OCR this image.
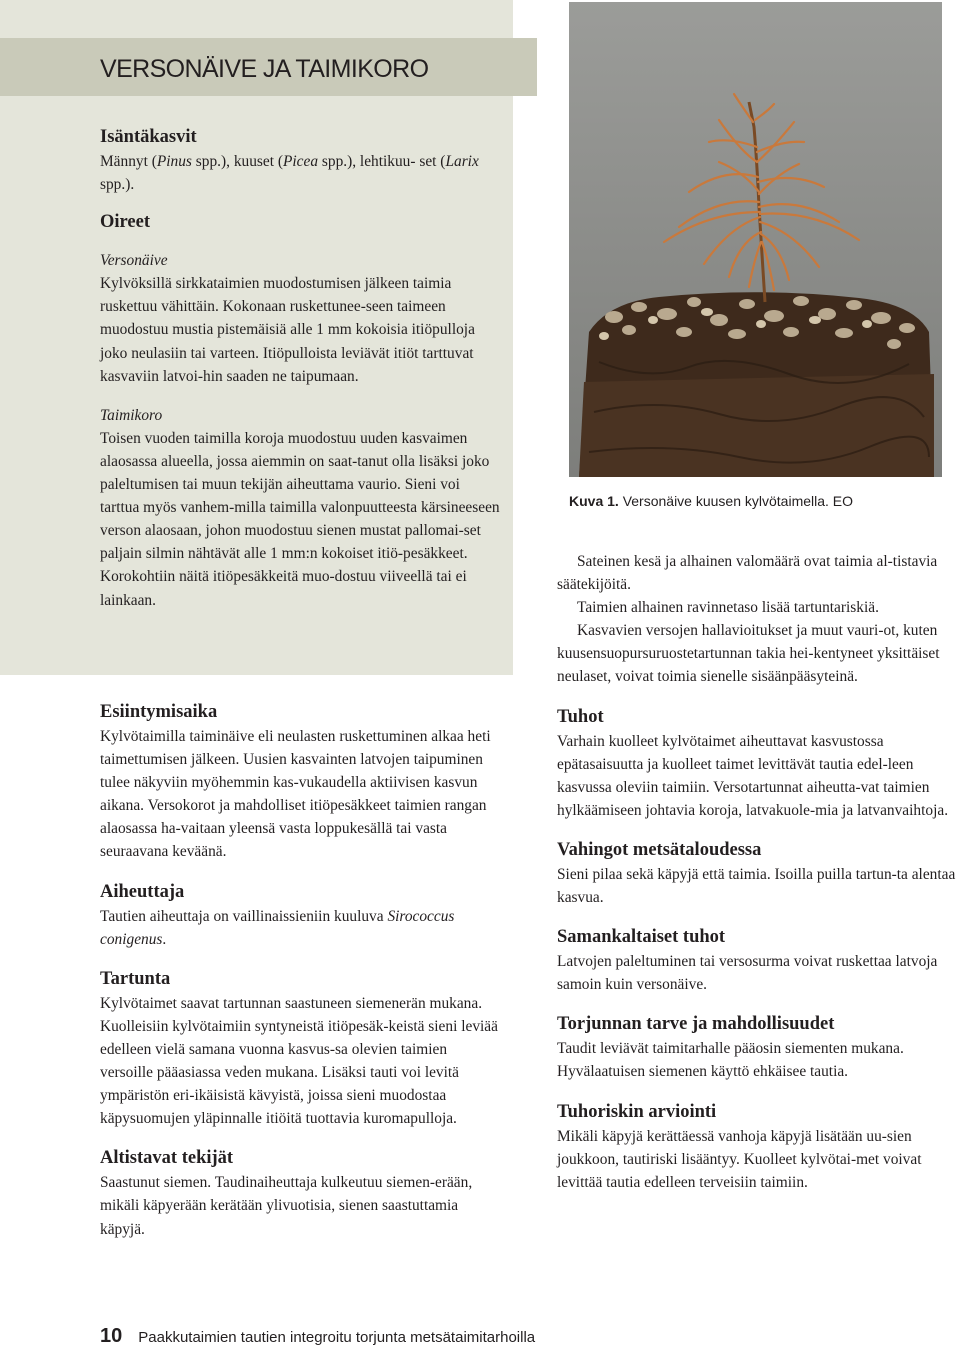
VERSONÄIVE JA TAIMIKORO
Isäntäkasvit

Männyt (Pinus spp.), kuuset (Picea spp.), lehtikuu- set (Larix spp.).

Oireet

Versonäive

Kylvöksillä sirkkataimien muodostumisen jälkeen taimia ruskettuu vähittäin. Kokonaan ruskettunee-seen taimeen muodostuu mustia pistemäisiä alle 1 mm kokoisia itiöpulloja joko neulasiin tai varteen. Itiöpulloista leviävät itiöt tarttuvat kasvaviin latvoi-hin saaden ne taipumaan.

Taimikoro

Toisen vuoden taimilla koroja muodostuu uuden kasvaimen alaosassa alueella, jossa aiemmin on saat-tanut olla lisäksi joko paleltumisen tai muun tekijän aiheuttama vaurio. Sieni voi tarttua myös vanhem-milla taimilla valonpuutteesta kärsineeseen verson alaosaan, johon muodostuu sienen mustat pallomai-set paljain silmin nähtävät alle 1 mm:n kokoiset itiö-pesäkkeet. Korokohtiin näitä itiöpesäkkeitä muo-dostuu viiveellä tai ei lainkaan.

Esiintymisaika

Kylvötaimilla taiminäive eli neulasten ruskettuminen alkaa heti taimettumisen jälkeen. Uusien kasvainten latvojen taipuminen tulee näkyviin myöhemmin kas-vukaudella aktiivisen kasvun aikana. Versokorot ja mahdolliset itiöpesäkkeet taimien rangan alaosassa ha-vaitaan yleensä vasta loppukesällä tai vasta seuraavana keväänä.

Aiheuttaja

Tautien aiheuttaja on vaillinaissieniin kuuluva Sirococcus conigenus.

Tartunta

Kylvötaimet saavat tartunnan saastuneen siemenerän mukana. Kuolleisiin kylvötaimiin syntyneistä itiöpesäk-keistä sieni leviää edelleen vielä samana vuonna kasvus-sa olevien taimien versoille pääasiassa veden mukana. Lisäksi tauti voi levitä ympäristön eri-ikäisistä kävyistä, joissa sieni muodostaa käpysuomujen yläpinnalle itiöitä tuottavia kuromapulloja.

Altistavat tekijät

Saastunut siemen. Taudinaiheuttaja kulkeutuu siemen-erään, mikäli käpyerään kerätään ylivuotisia, sienen saastuttamia käpyjä.

Kuva 1. Versonäive kuusen kylvötaimella. EO

Sateinen kesä ja alhainen valomäärä ovat taimia al-tistavia säätekijöitä.

Taimien alhainen ravinnetaso lisää tartuntariskiä.

Kasvavien versojen hallavioitukset ja muut vauri-ot, kuten kuusensuopursuruostetartunnan takia hei-kentyneet yksittäiset neulaset, voivat toimia sienelle sisäänpääsyteinä.

Tuhot

Varhain kuolleet kylvötaimet aiheuttavat kasvustossa epätasaisuutta ja kuolleet taimet levittävät tautia edel-leen kasvussa oleviin taimiin. Versotartunnat aiheutta-vat taimien hylkäämiseen johtavia koroja, latvakuole-mia ja latvanvaihtoja.

Vahingot metsätaloudessa

Sieni pilaa sekä käpyjä että taimia. Isoilla puilla tartun-ta alentaa kasvua.

Samankaltaiset tuhot

Latvojen paleltuminen tai versosurma voivat ruskettaa latvoja samoin kuin versonäive.

Torjunnan tarve ja mahdollisuudet

Taudit leviävät taimitarhalle pääosin siementen mukana. Hyvälaatuisen siemenen käyttö ehkäisee tautia.

Tuhoriskin arviointi

Mikäli käpyjä kerättäessä vanhoja käpyjä lisätään uu-sien joukkoon, tautiriski lisääntyy. Kuolleet kylvötai-met voivat levittää tautia edelleen terveisiin taimiin.

10 Paakkutaimien tautien integroitu torjunta metsätaimitarhoilla
